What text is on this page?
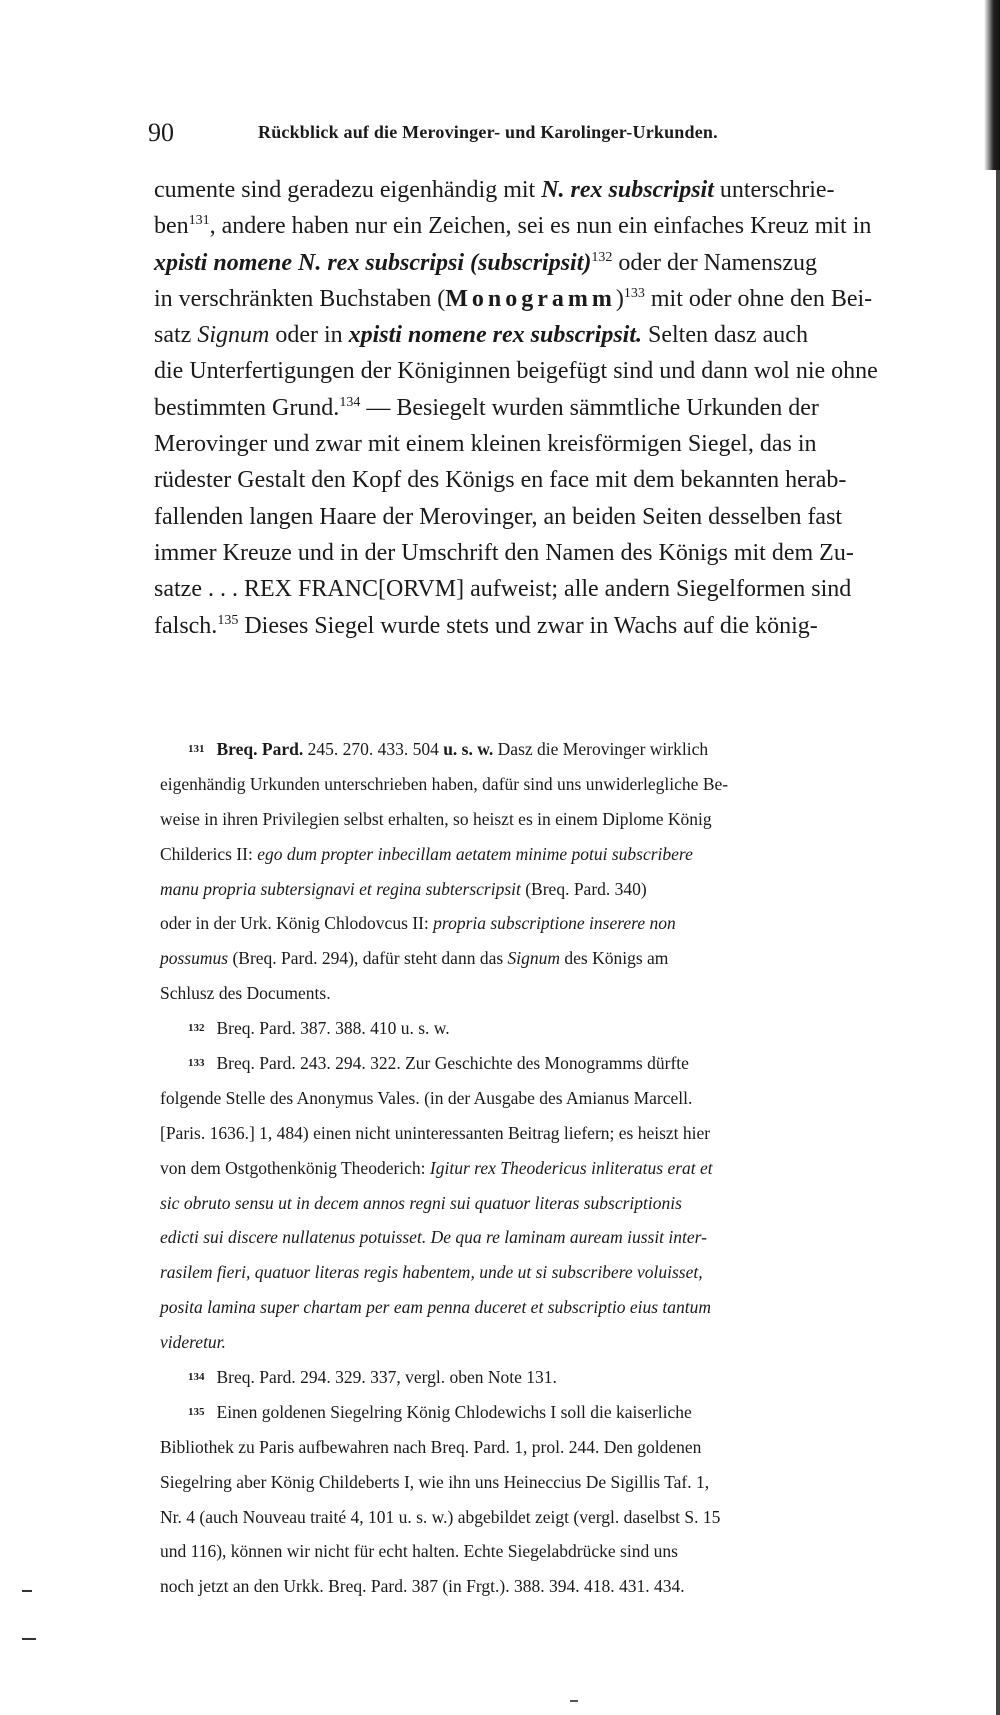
90	Rückblick auf die Merovinger- und Karolinger-Urkunden.
cumente sind geradezu eigenhändig mit N. rex subscripsit unterschrie-
ben$^{131}$, andere haben nur ein Zeichen, sei es nun ein einfaches Kreuz mit in
xpisti nomene N. rex subscripsi (subscripsit)$^{132}$ oder der Namenszug
in verschränkten Buchstaben (Monogramm)$^{133}$ mit oder ohne den Bei-
satz Signum oder in xpisti nomene rex subscripsit. Selten dasz auch
die Unterfertigungen der Königinnen beigefügt sind und dann wol nie ohne
bestimmten Grund.$^{134}$ — Besiegelt wurden sämmtliche Urkunden der
Merovinger und zwar mit einem kleinen kreisförmigen Siegel, das in
rüdester Gestalt den Kopf des Königs en face mit dem bekannten herab-
fallenden langen Haare der Merovinger, an beiden Seiten desselben fast
immer Kreuze und in der Umschrift den Namen des Königs mit dem Zu-
satze . . . REX FRANC[ORVM] aufweist; alle andern Siegelformen sind
falsch.$^{135}$ Dieses Siegel wurde stets und zwar in Wachs auf die könig-
131 Breq. Pard. 245. 270. 433. 504 u. s. w. Dasz die Merovinger wirklich
eigenhändig Urkunden unterschrieben haben, dafür sind uns unwiderlegliche Be-
weise in ihren Privilegien selbst erhalten, so heiszt es in einem Diplome König
Childerics II: ego dum propter inbecillam aetatem minime potui subscribere
manu propria subtersignavi et regina subterscripsit (Breq. Pard. 340)
oder in der Urk. König Chlodovcus II: propria subscriptione inserere non
possumus (Breq. Pard. 294), dafür steht dann das Signum des Königs am
Schlusz des Documents.
132 Breq. Pard. 387. 388. 410 u. s. w.
133 Breq. Pard. 243. 294. 322. Zur Geschichte des Monogramms dürfte
folgende Stelle des Anonymus Vales. (in der Ausgabe des Amianus Marcell.
[Paris. 1636.] 1, 484) einen nicht uninteressanten Beitrag liefern; es heiszt hier
von dem Ostgothenkönig Theoderich: Igitur rex Theodericus inliteratus erat et
sic obruto sensu ut in decem annos regni sui quatuor literas subscriptionis
edicti sui discere nullatenus potuisset. De qua re laminam auream iussit inter-
rasilem fieri, quatuor literas regis habentem, unde ut si subscribere voluisset,
posita lamina super chartam per eam penna duceret et subscriptio eius tantum
videretur.
134 Breq. Pard. 294. 329. 337, vergl. oben Note 131.
135 Einen goldenen Siegelring König Chlodewichs I soll die kaiserliche
Bibliothek zu Paris aufbewahren nach Breq. Pard. 1, prol. 244. Den goldenen
Siegelring aber König Childeberts I, wie ihn uns Heineccius De Sigillis Taf. 1,
Nr. 4 (auch Nouveau traité 4, 101 u. s. w.) abgebildet zeigt (vergl. daselbst S. 15
und 116), können wir nicht für echt halten. Echte Siegelabdrücke sind uns
noch jetzt an den Urkk. Breq. Pard. 387 (in Frgt.). 388. 394. 418. 431. 434.
